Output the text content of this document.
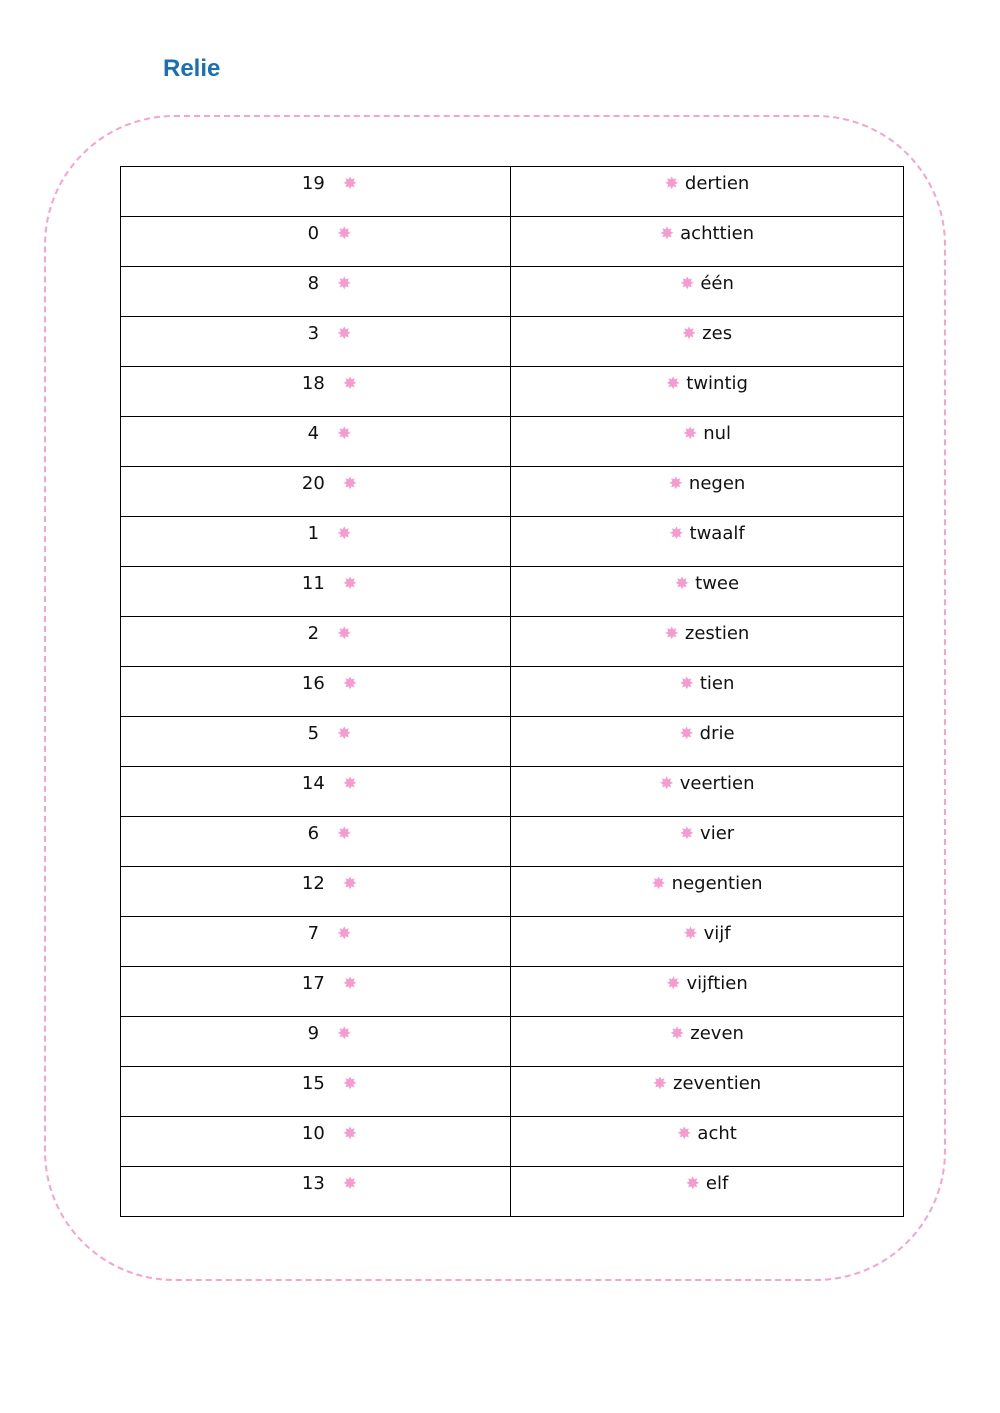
Relie
19 ✸	✸ dertien

0 ✸	✸ achttien

8 ✸	✸ één

3 ✸	✸ zes

18 ✸	✸ twintig

4 ✸	✸ nul

20 ✸	✸ negen

1 ✸	✸ twaalf

11 ✸	✸ twee

2 ✸	✸ zestien

16 ✸	✸ tien

5 ✸	✸ drie

14 ✸	✸ veertien

6 ✸	✸ vier

12 ✸	✸ negentien

7 ✸	✸ vijf

17 ✸	✸ vijftien

9 ✸	✸ zeven

15 ✸	✸ zeventien

10 ✸	✸ acht

13 ✸	✸ elf
